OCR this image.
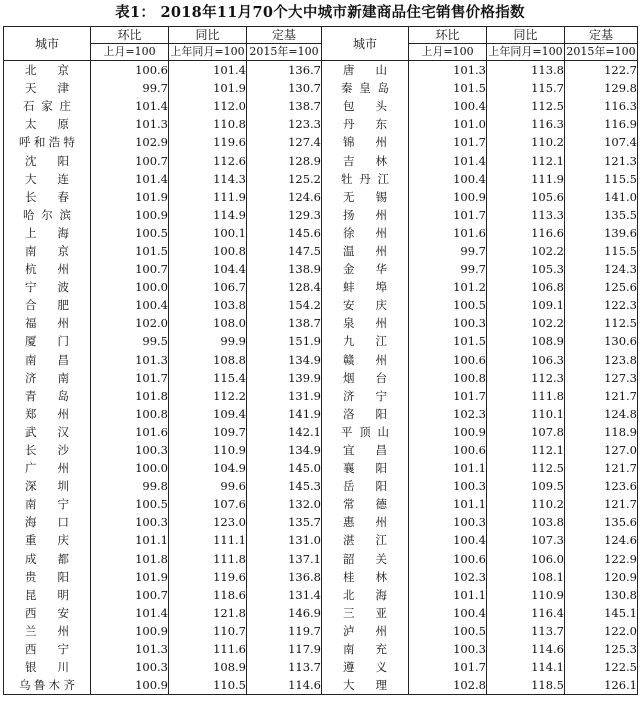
表1： 2018年11月70个大中城市新建商品住宅销售价格指数
城市	环比	同比	定基	城市	环比	同比	定基
	上月=100	上年同月=100	2015年=100		上月=100	上年同月=100	2015年=100
北京	100.6	101.4	136.7	唐山	101.3	113.8	122.7
天津	99.7	101.9	130.7	秦皇岛	101.5	115.7	129.8
石家庄	101.4	112.0	138.7	包头	100.4	112.5	116.3
太原	101.3	110.8	123.3	丹东	101.0	116.3	116.9
呼和浩特	102.9	119.6	127.4	锦州	101.7	110.2	107.4
沈阳	100.7	112.6	128.9	吉林	101.4	112.1	121.3
大连	101.4	114.3	125.2	牡丹江	100.4	111.9	115.5
长春	101.9	111.9	124.6	无锡	100.9	105.6	141.0
哈尔滨	100.9	114.9	129.3	扬州	101.7	113.3	135.5
上海	100.5	100.1	145.6	徐州	101.6	116.6	139.6
南京	101.5	100.8	147.5	温州	99.7	102.2	115.5
杭州	100.7	104.4	138.9	金华	99.7	105.3	124.3
宁波	100.0	106.7	128.4	蚌埠	101.2	106.8	125.6
合肥	100.4	103.8	154.2	安庆	100.5	109.1	122.3
福州	102.0	108.0	138.7	泉州	100.3	102.2	112.5
厦门	99.5	99.9	151.9	九江	101.5	108.9	130.6
南昌	101.3	108.8	134.9	赣州	100.6	106.3	123.8
济南	101.7	115.4	139.9	烟台	100.8	112.3	127.3
青岛	101.8	112.2	131.9	济宁	101.7	111.8	121.7
郑州	100.8	109.4	141.9	洛阳	102.3	110.1	124.8
武汉	101.6	109.7	142.1	平顶山	100.9	107.8	118.9
长沙	100.3	110.9	134.9	宜昌	100.6	112.1	127.0
广州	100.0	104.9	145.0	襄阳	101.1	112.5	121.7
深圳	99.8	99.6	145.3	岳阳	100.3	109.5	123.6
南宁	100.5	107.6	132.0	常德	101.1	110.2	121.7
海口	100.3	123.0	135.7	惠州	100.3	103.8	135.6
重庆	101.1	111.1	131.0	湛江	100.4	107.3	124.6
成都	101.8	111.8	137.1	韶关	100.6	106.0	122.9
贵阳	101.9	119.6	136.8	桂林	102.3	108.1	120.9
昆明	100.7	118.6	131.4	北海	101.1	110.9	130.8
西安	101.4	121.8	146.9	三亚	100.4	116.4	145.1
兰州	100.9	110.7	119.7	泸州	100.5	113.7	122.0
西宁	101.3	111.6	117.9	南充	100.3	114.6	125.3
银川	100.3	108.9	113.7	遵义	101.7	114.1	122.5
乌鲁木齐	100.9	110.5	114.6	大理	102.8	118.5	126.1
